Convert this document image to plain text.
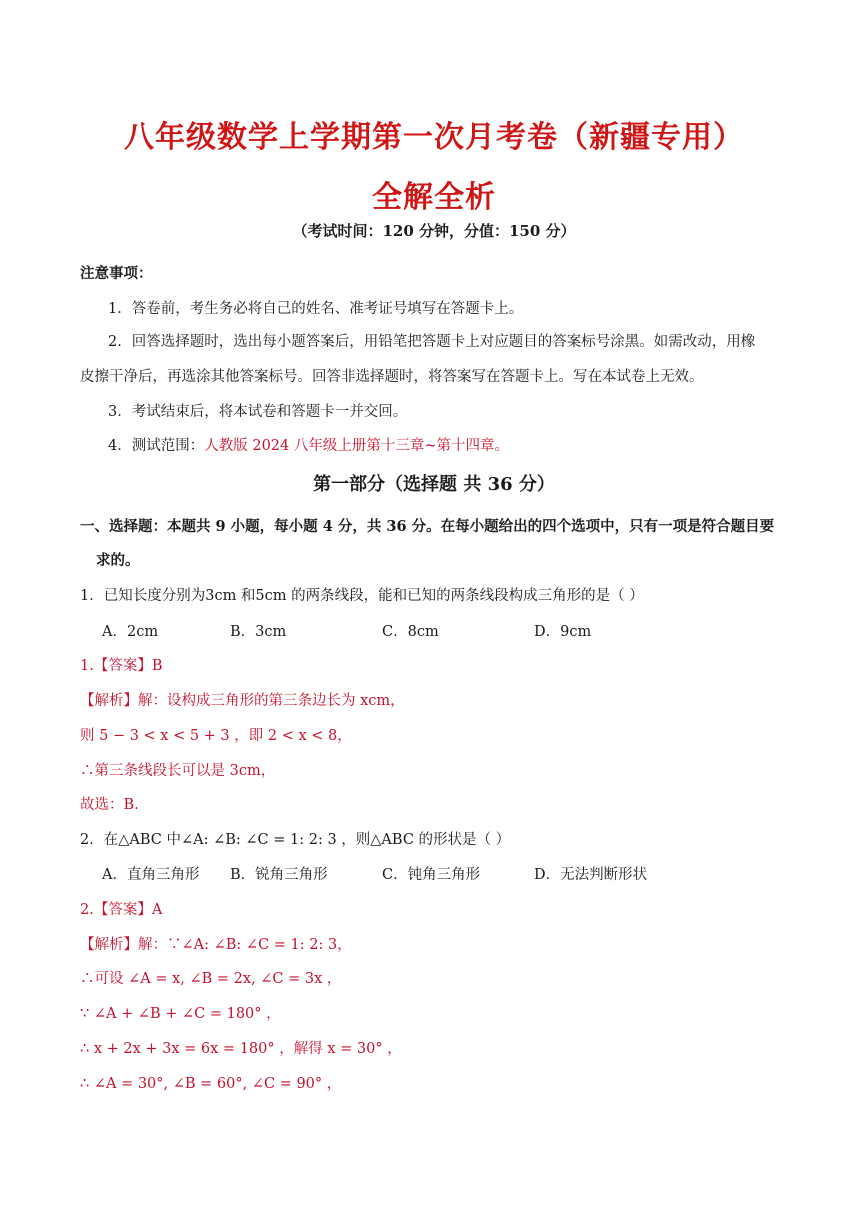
八年级数学上学期第一次月考卷（新疆专用）
全解全析
（考试时间：120 分钟，分值：150 分）
注意事项：
1．答卷前，考生务必将自己的姓名、准考证号填写在答题卡上。
2．回答选择题时，选出每小题答案后，用铅笔把答题卡上对应题目的答案标号涂黑。如需改动，用橡
皮擦干净后，再选涂其他答案标号。回答非选择题时，将答案写在答题卡上。写在本试卷上无效。
3．考试结束后，将本试卷和答题卡一并交回。
4．测试范围：人教版 2024 八年级上册第十三章~第十四章。
第一部分（选择题 共 36 分）
一、选择题：本题共 9 小题，每小题 4 分，共 36 分。在每小题给出的四个选项中，只有一项是符合题目要
求的。
1．已知长度分别为3cm 和5cm 的两条线段，能和已知的两条线段构成三角形的是（ ）
A．2cm	B．3cm	C．8cm	D．9cm
1.【答案】B
【解析】解：设构成三角形的第三条边长为 xcm，
则 5 − 3 < x < 5 + 3 ，即 2 < x < 8，
∴第三条线段长可以是 3cm，
故选：B.
2．在△ABC 中∠A: ∠B: ∠C = 1: 2: 3 ，则△ABC 的形状是（ ）
A．直角三角形 B．锐角三角形	C．钝角三角形	D．无法判断形状
2.【答案】A
【解析】解：∵∠A: ∠B: ∠C = 1: 2: 3，
∴可设 ∠A = x, ∠B = 2x, ∠C = 3x ，
∵ ∠A + ∠B + ∠C = 180° ，
∴ x + 2x + 3x = 6x = 180° ，解得 x = 30° ，
∴ ∠A = 30°, ∠B = 60°, ∠C = 90° ，
